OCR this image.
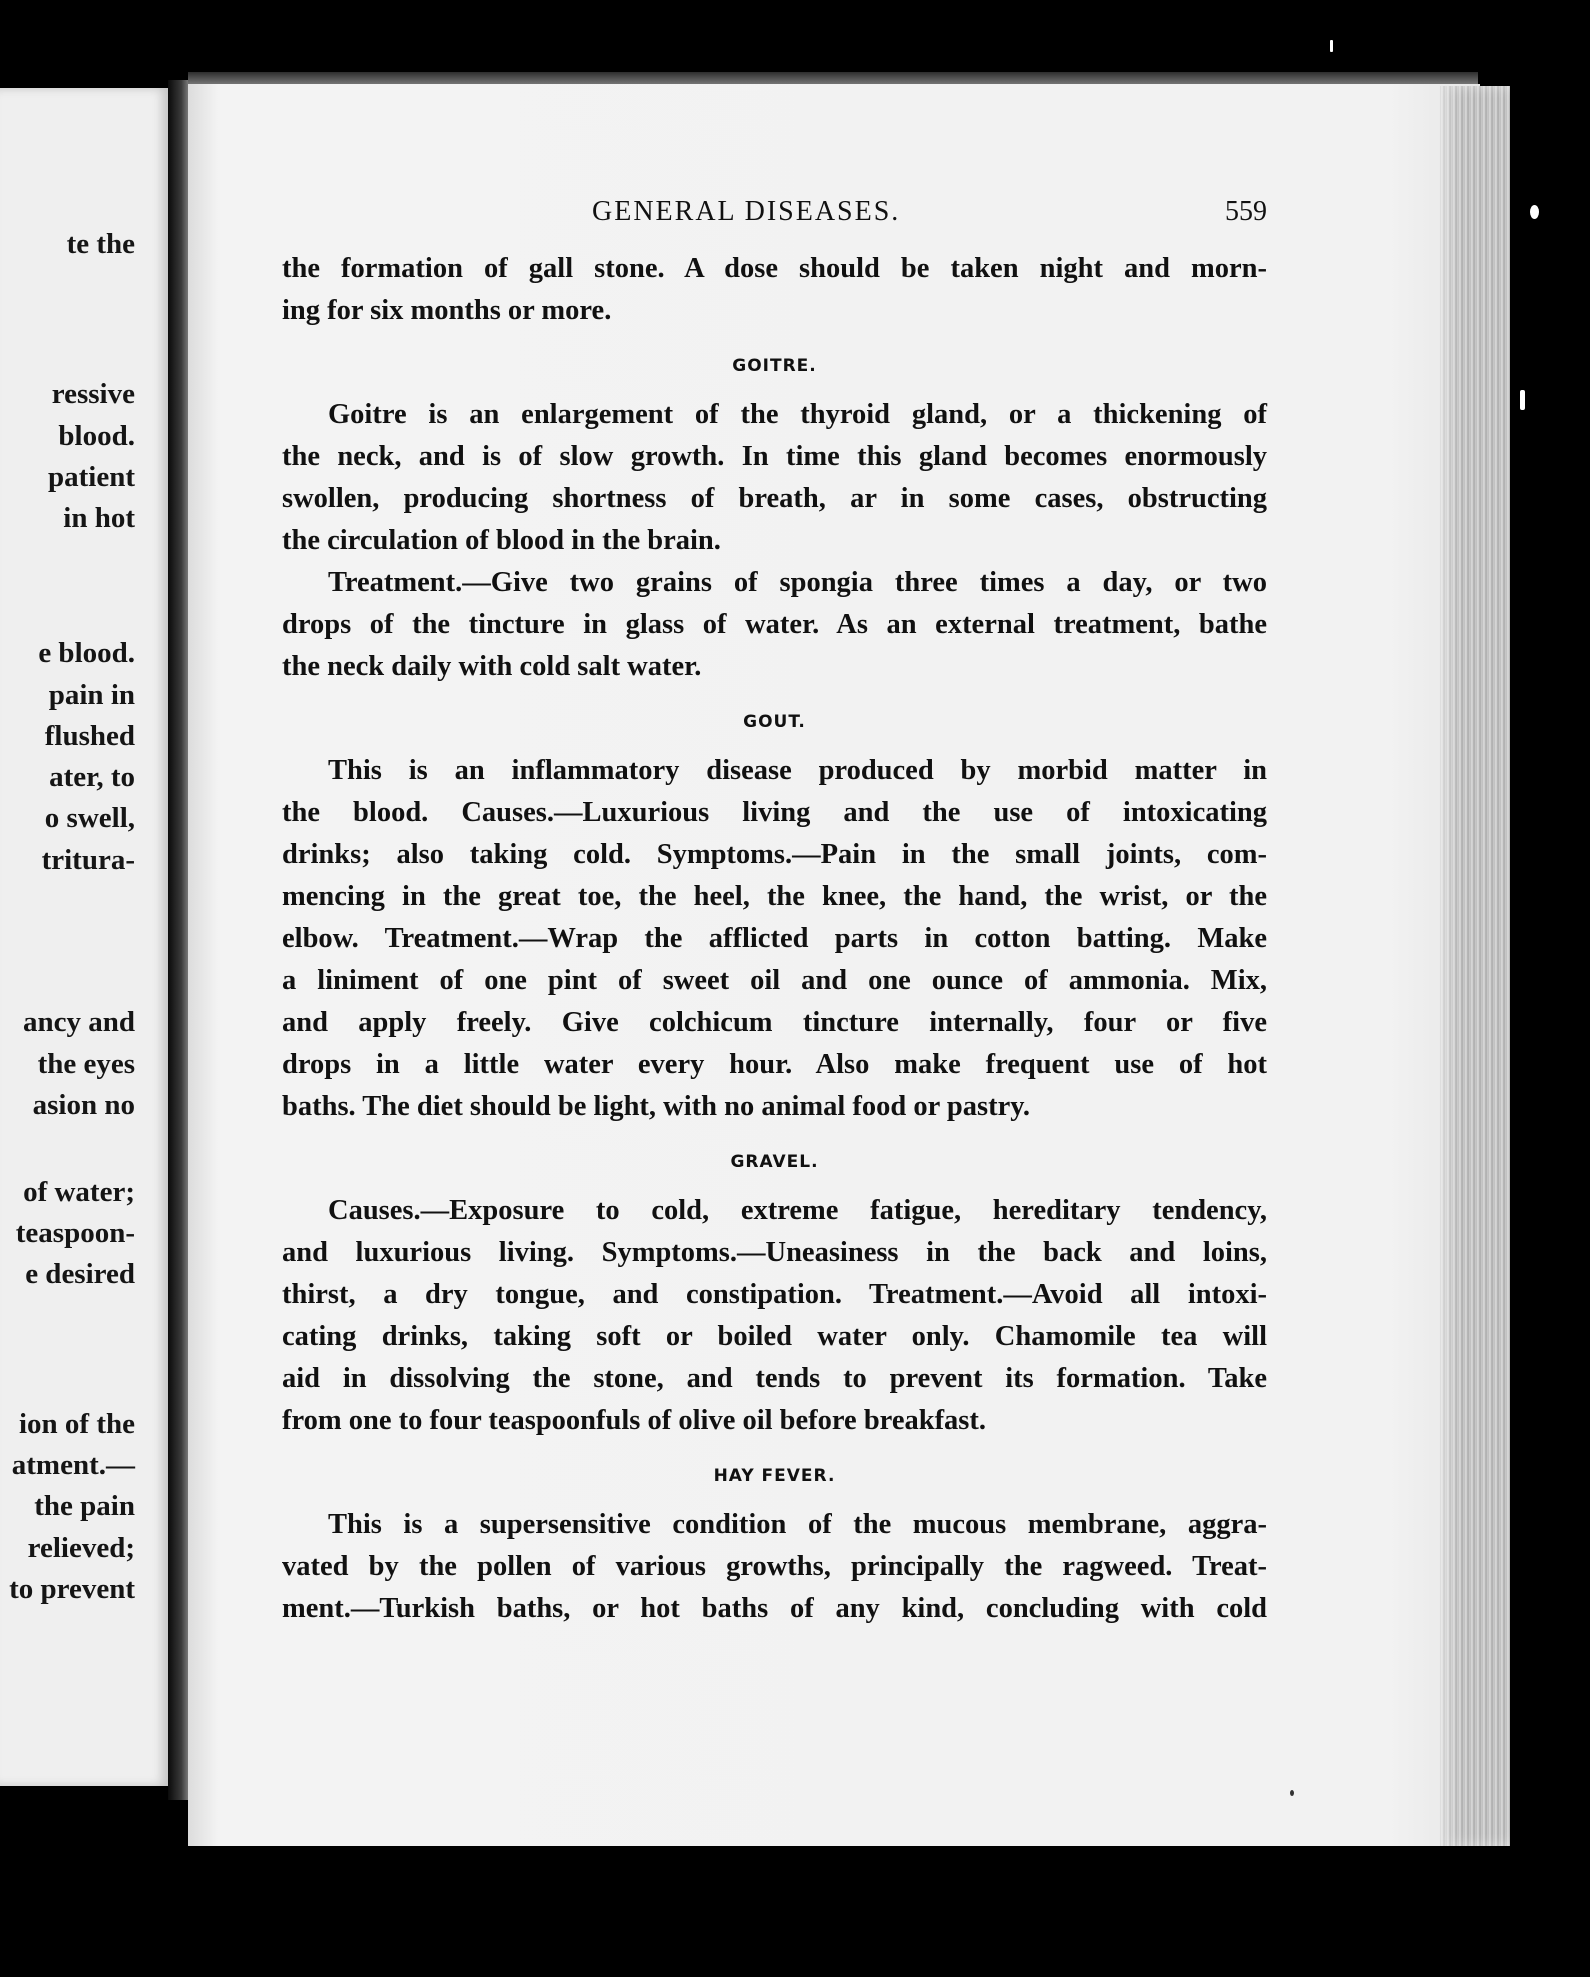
te the
ressive
blood.
patient
in hot
e blood.
pain in
flushed
ater, to
o swell,
tritura-
ancy and
the eyes
asion no
of water;
teaspoon-
e desired
ion of the
atment.—
the pain
relieved;
to prevent
GENERAL DISEASES.	559

the formation of gall stone. A dose should be taken night and morn-
ing for six months or more.

GOITRE.

Goitre is an enlargement of the thyroid gland, or a thickening of
the neck, and is of slow growth. In time this gland becomes enormously
swollen, producing shortness of breath, ar in some cases, obstructing
the circulation of blood in the brain.

Treatment.—Give two grains of spongia three times a day, or two
drops of the tincture in glass of water. As an external treatment, bathe
the neck daily with cold salt water.

GOUT.

This is an inflammatory disease produced by morbid matter in
the blood. Causes.—Luxurious living and the use of intoxicating
drinks; also taking cold. Symptoms.—Pain in the small joints, com-
mencing in the great toe, the heel, the knee, the hand, the wrist, or the
elbow. Treatment.—Wrap the afflicted parts in cotton batting. Make
a liniment of one pint of sweet oil and one ounce of ammonia. Mix,
and apply freely. Give colchicum tincture internally, four or five
drops in a little water every hour. Also make frequent use of hot
baths. The diet should be light, with no animal food or pastry.

GRAVEL.

Causes.—Exposure to cold, extreme fatigue, hereditary tendency,
and luxurious living. Symptoms.—Uneasiness in the back and loins,
thirst, a dry tongue, and constipation. Treatment.—Avoid all intoxi-
cating drinks, taking soft or boiled water only. Chamomile tea will
aid in dissolving the stone, and tends to prevent its formation. Take
from one to four teaspoonfuls of olive oil before breakfast.

HAY FEVER.

This is a supersensitive condition of the mucous membrane, aggra-
vated by the pollen of various growths, principally the ragweed. Treat-
ment.—Turkish baths, or hot baths of any kind, concluding with cold
